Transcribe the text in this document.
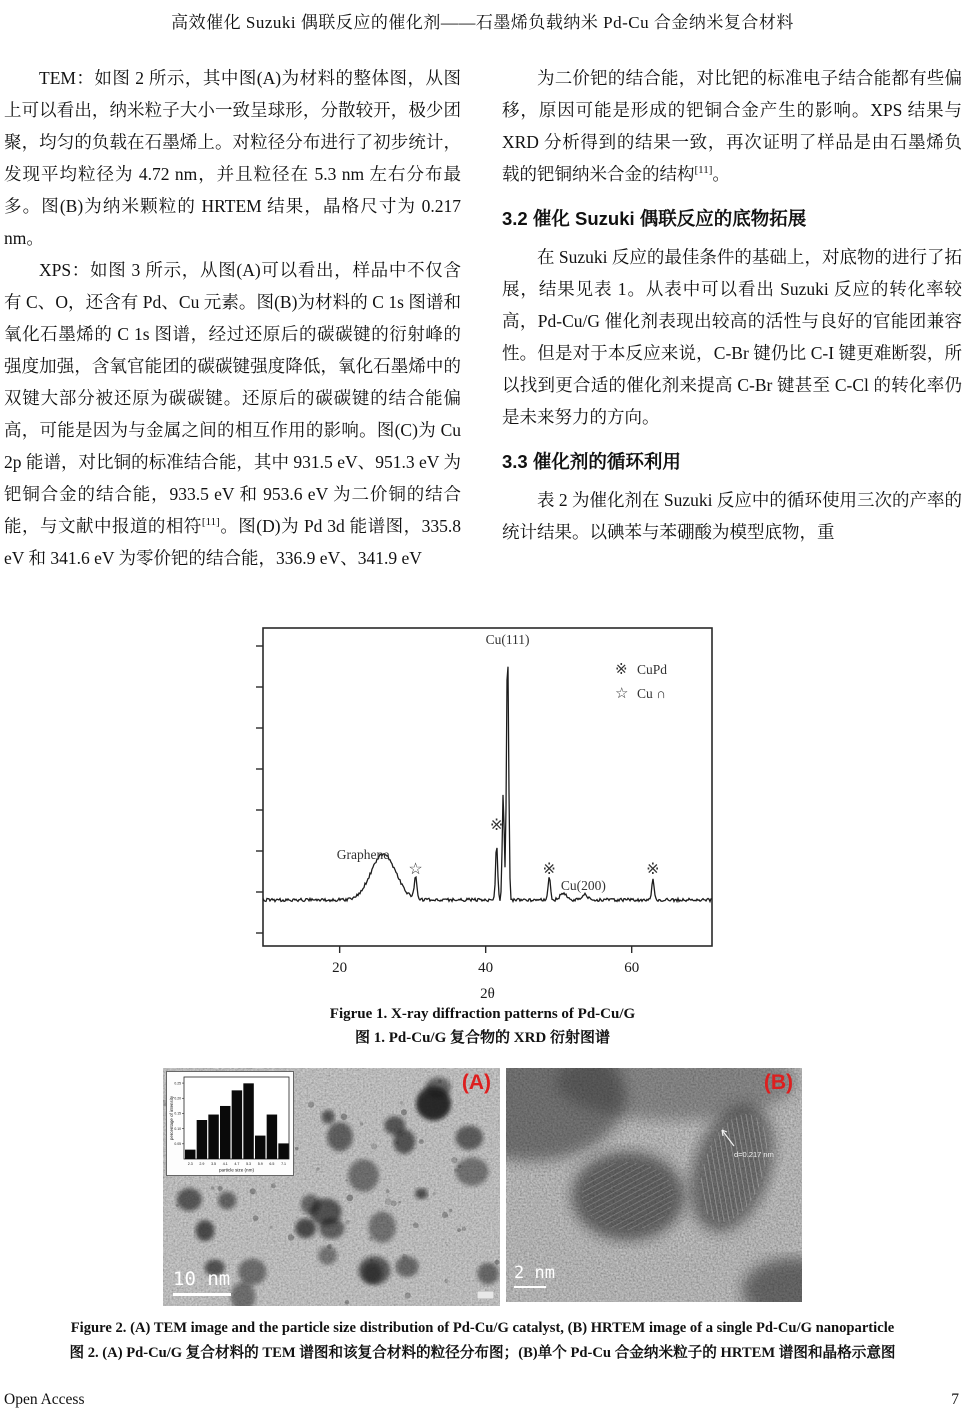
高效催化 Suzuki 偶联反应的催化剂——石墨烯负载纳米 Pd-Cu 合金纳米复合材料

TEM：如图 2 所示，其中图(A)为材料的整体图，从图上可以看出，纳米粒子大小一致呈球形，分散较开，极少团聚，均匀的负载在石墨烯上。对粒径分布进行了初步统计，发现平均粒径为 4.72 nm，并且粒径在 5.3 nm 左右分布最多。图(B)为纳米颗粒的 HRTEM 结果，晶格尺寸为 0.217 nm。

XPS：如图 3 所示，从图(A)可以看出，样品中不仅含有 C、O，还含有 Pd、Cu 元素。图(B)为材料的 C 1s 图谱和氧化石墨烯的 C 1s 图谱，经过还原后的碳碳键的衍射峰的强度加强，含氧官能团的碳碳键强度降低，氧化石墨烯中的双键大部分被还原为碳碳键。还原后的碳碳键的结合能偏高，可能是因为与金属之间的相互作用的影响。图(C)为 Cu 2p 能谱，对比铜的标准结合能，其中 931.5 eV、951.3 eV 为钯铜合金的结合能，933.5 eV 和 953.6 eV 为二价铜的结合能，与文献中报道的相符[11]。图(D)为 Pd 3d 能谱图，335.8 eV 和 341.6 eV 为零价钯的结合能，336.9 eV、341.9 eV

为二价钯的结合能，对比钯的标准电子结合能都有些偏移，原因可能是形成的钯铜合金产生的影响。XPS 结果与 XRD 分析得到的结果一致，再次证明了样品是由石墨烯负载的钯铜纳米合金的结构[11]。

3.2 催化 Suzuki 偶联反应的底物拓展

在 Suzuki 反应的最佳条件的基础上，对底物的进行了拓展，结果见表 1。从表中可以看出 Suzuki 反应的转化率较高，Pd-Cu/G 催化剂表现出较高的活性与良好的官能团兼容性。但是对于本反应来说，C-Br 键仍比 C-I 键更难断裂，所以找到更合适的催化剂来提高 C-Br 键甚至 C-Cl 的转化率仍是未来努力的方向。

3.3 催化剂的循环利用

表 2 为催化剂在 Suzuki 反应中的循环使用三次的产率的统计结果。以碘苯与苯硼酸为模型底物，重

20	40	60
2θ
Cu(111)
Graphene
Cu(200)
☆
※
※	※
※ CuPd
☆ Cu ∩
Figrue 1. X-ray diffraction patterns of Pd-Cu/G
图 1. Pd-Cu/G 复合物的 XRD 衍射图谱
2.3 2.9 3.5 4.1 4.7 5.3 5.9 6.5 7.1
0.05
0.10
0.15
0.20
0.25
particle size (nm)
percentage of intensity
(A)
10 nm
(B)
2 nm
d=0.217 nm
Figure 2. (A) TEM image and the particle size distribution of Pd-Cu/G catalyst, (B) HRTEM image of a single Pd-Cu/G nanoparticle
图 2. (A) Pd-Cu/G 复合材料的 TEM 谱图和该复合材料的粒径分布图；(B)单个 Pd-Cu 合金纳米粒子的 HRTEM 谱图和晶格示意图
Open Access	7
